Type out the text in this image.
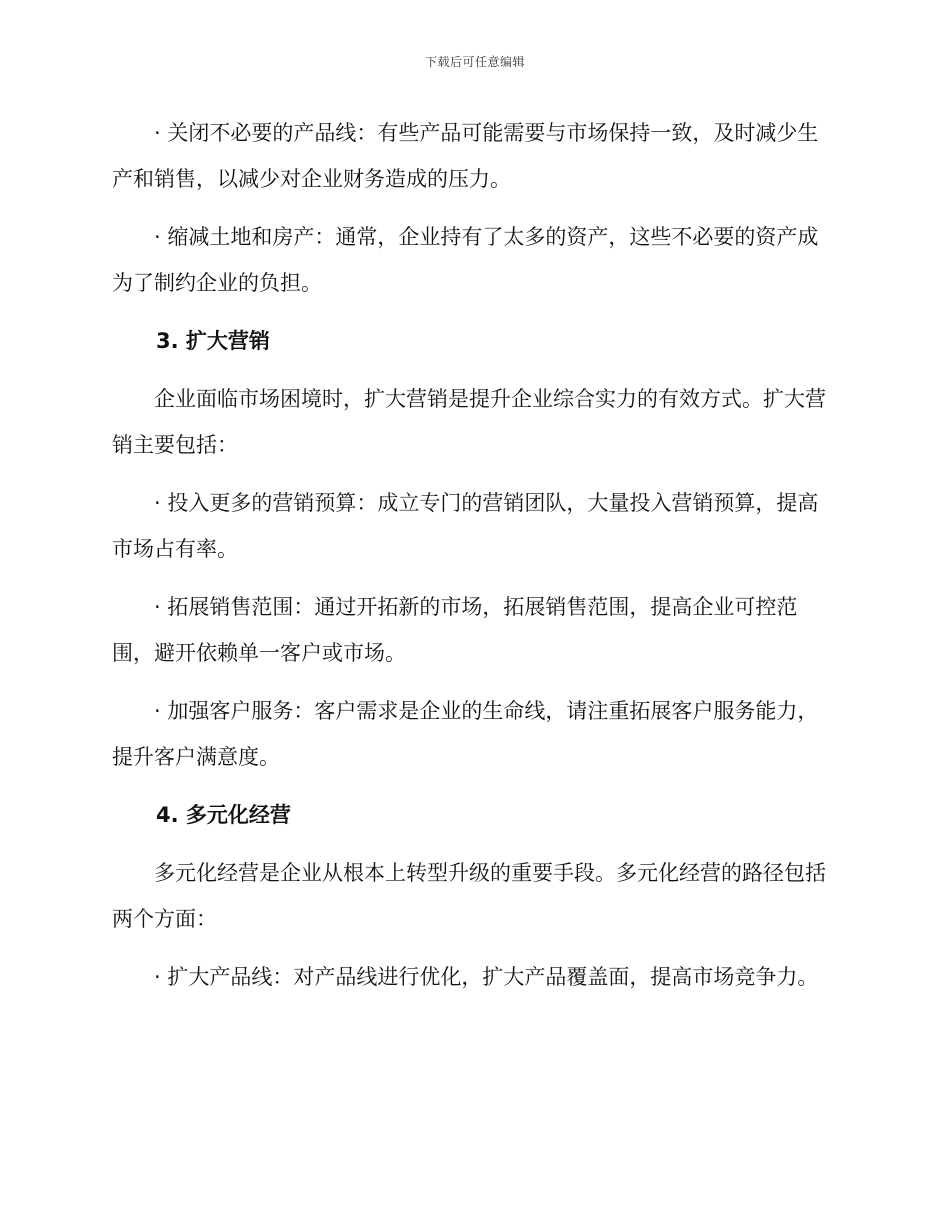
下载后可任意编辑

· 关闭不必要的产品线：有些产品可能需要与市场保持一致，及时减少生产和销售，以减少对企业财务造成的压力。

· 缩减土地和房产：通常，企业持有了太多的资产，这些不必要的资产成为了制约企业的负担。

3. 扩大营销

企业面临市场困境时，扩大营销是提升企业综合实力的有效方式。扩大营销主要包括：

· 投入更多的营销预算：成立专门的营销团队，大量投入营销预算，提高市场占有率。

· 拓展销售范围：通过开拓新的市场，拓展销售范围，提高企业可控范围，避开依赖单一客户或市场。

· 加强客户服务：客户需求是企业的生命线，请注重拓展客户服务能力，提升客户满意度。

4. 多元化经营

多元化经营是企业从根本上转型升级的重要手段。多元化经营的路径包括两个方面：

· 扩大产品线：对产品线进行优化，扩大产品覆盖面，提高市场竞争力。
